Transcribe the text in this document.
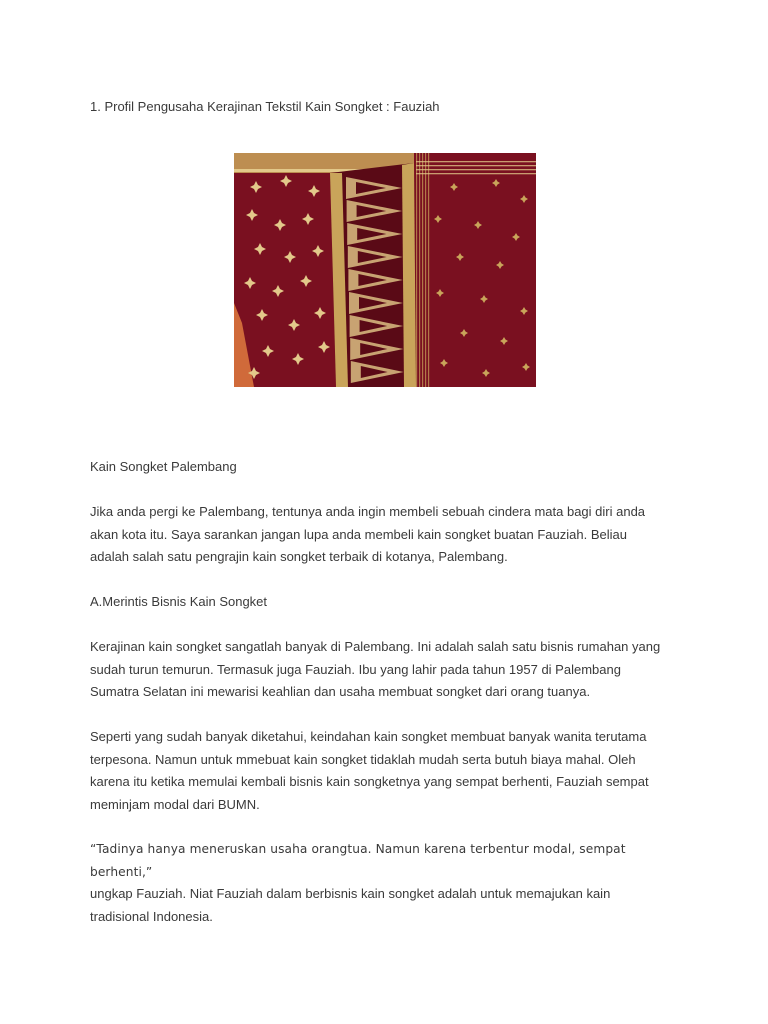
1. Profil Pengusaha Kerajinan Tekstil Kain Songket : Fauziah

Kain Songket Palembang

Jika anda pergi ke Palembang, tentunya anda ingin membeli sebuah cindera mata bagi diri anda

akan kota itu. Saya sarankan jangan lupa anda membeli kain songket buatan Fauziah. Beliau

adalah salah satu pengrajin kain songket terbaik di kotanya, Palembang.

A.Merintis Bisnis Kain Songket

Kerajinan kain songket sangatlah banyak di Palembang. Ini adalah salah satu bisnis rumahan yang

sudah turun temurun. Termasuk juga Fauziah. Ibu yang lahir pada tahun 1957 di Palembang

Sumatra Selatan ini mewarisi keahlian dan usaha membuat songket dari orang tuanya.

Seperti yang sudah banyak diketahui, keindahan kain songket membuat banyak wanita terutama

terpesona. Namun untuk mmebuat kain songket tidaklah mudah serta butuh biaya mahal. Oleh

karena itu ketika memulai kembali bisnis kain songketnya yang sempat berhenti, Fauziah sempat

meminjam modal dari BUMN.

“Tadinya hanya meneruskan usaha orangtua. Namun karena terbentur modal, sempat berhenti,”

ungkap Fauziah. Niat Fauziah dalam berbisnis kain songket adalah untuk memajukan kain

tradisional Indonesia.
